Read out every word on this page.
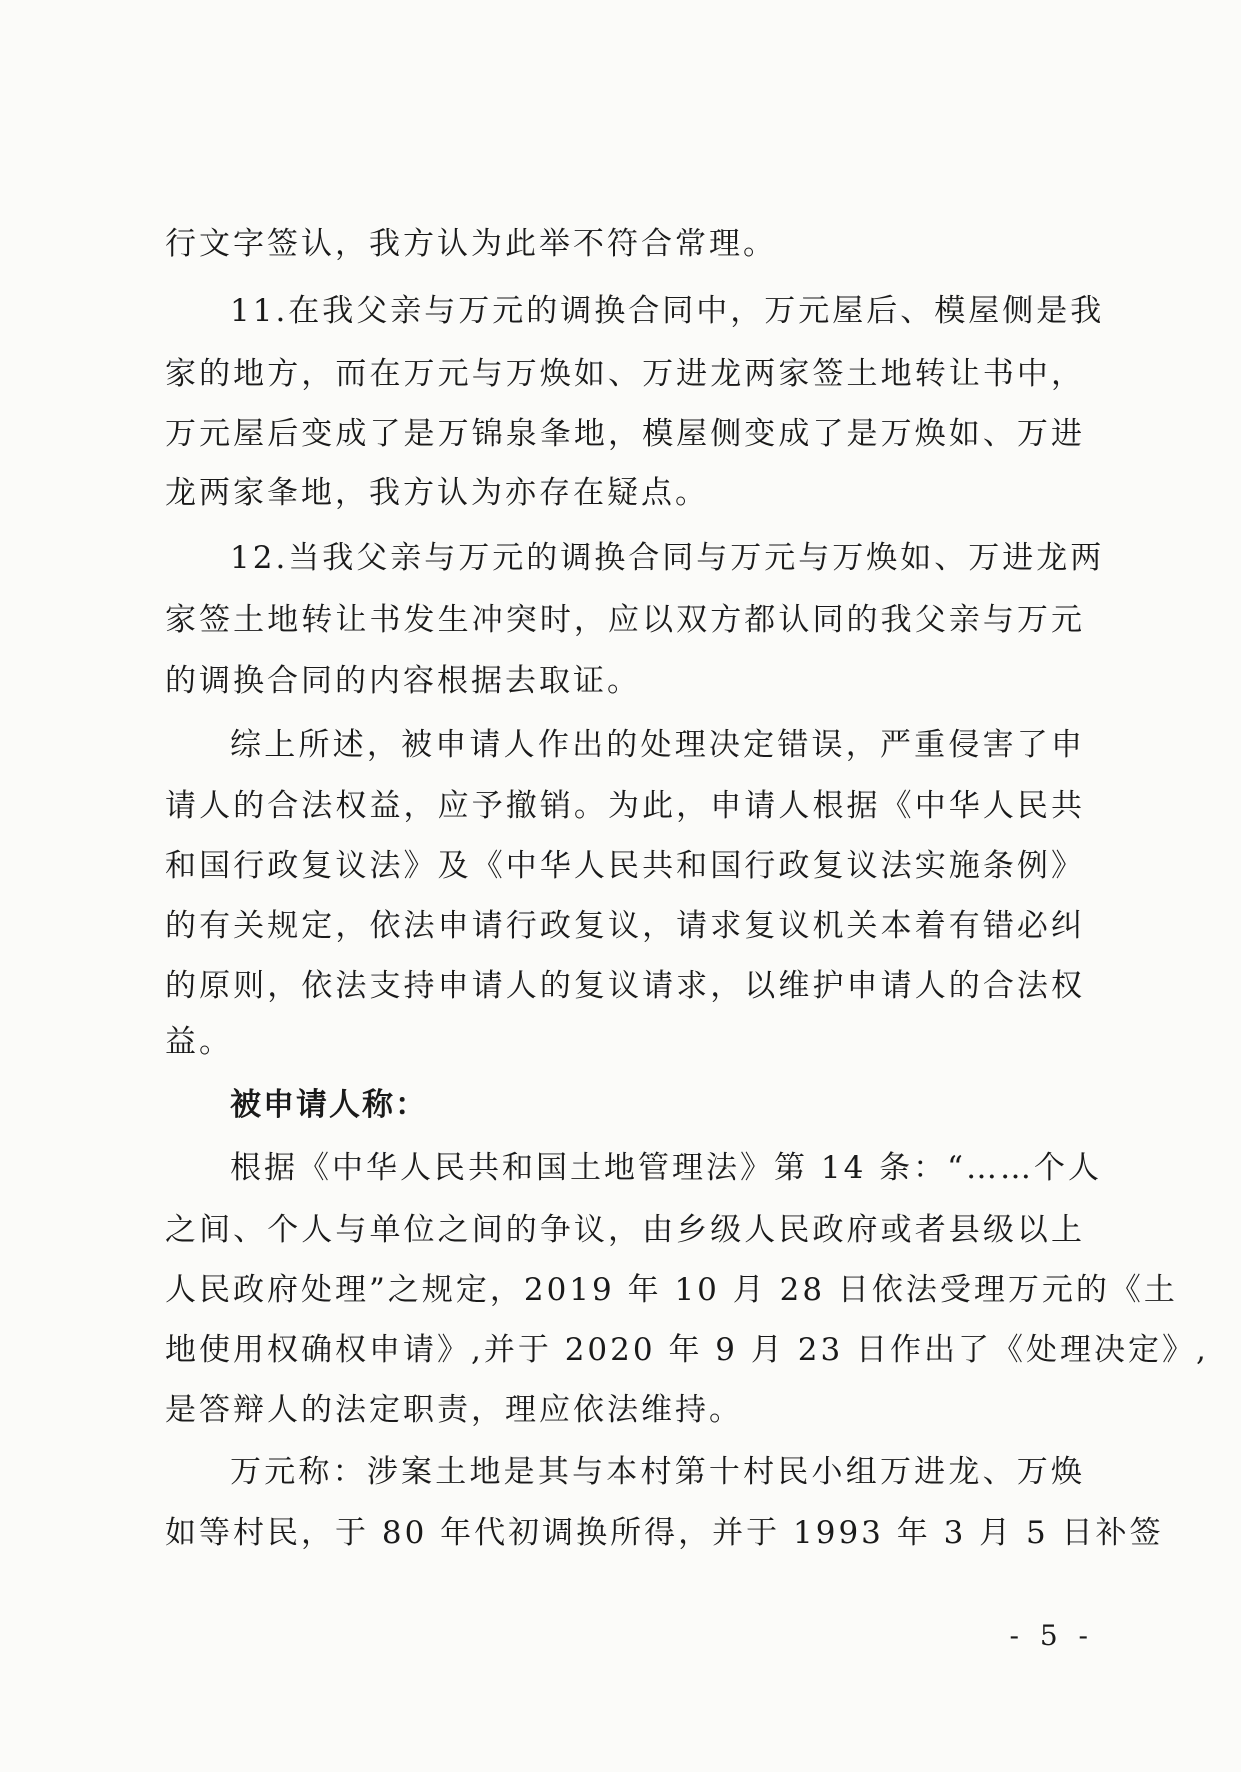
行文字签认，我方认为此举不符合常理。
11.在我父亲与万元的调换合同中，万元屋后、模屋侧是我
家的地方，而在万元与万焕如、万进龙两家签土地转让书中，
万元屋后变成了是万锦泉夆地，模屋侧变成了是万焕如、万进
龙两家夆地，我方认为亦存在疑点。
12.当我父亲与万元的调换合同与万元与万焕如、万进龙两
家签土地转让书发生冲突时，应以双方都认同的我父亲与万元
的调换合同的内容根据去取证。
综上所述，被申请人作出的处理决定错误，严重侵害了申
请人的合法权益，应予撤销。为此，申请人根据《中华人民共
和国行政复议法》及《中华人民共和国行政复议法实施条例》
的有关规定，依法申请行政复议，请求复议机关本着有错必纠
的原则，依法支持申请人的复议请求，以维护申请人的合法权
益。
被申请人称：
根据《中华人民共和国土地管理法》第 14 条：“……个人
之间、个人与单位之间的争议，由乡级人民政府或者县级以上
人民政府处理”之规定，2019 年 10 月 28 日依法受理万元的《土
地使用权确权申请》,并于 2020 年 9 月 23 日作出了《处理决定》,
是答辩人的法定职责，理应依法维持。
万元称：涉案土地是其与本村第十村民小组万进龙、万焕
如等村民，于 80 年代初调换所得，并于 1993 年 3 月 5 日补签
- 5 -
